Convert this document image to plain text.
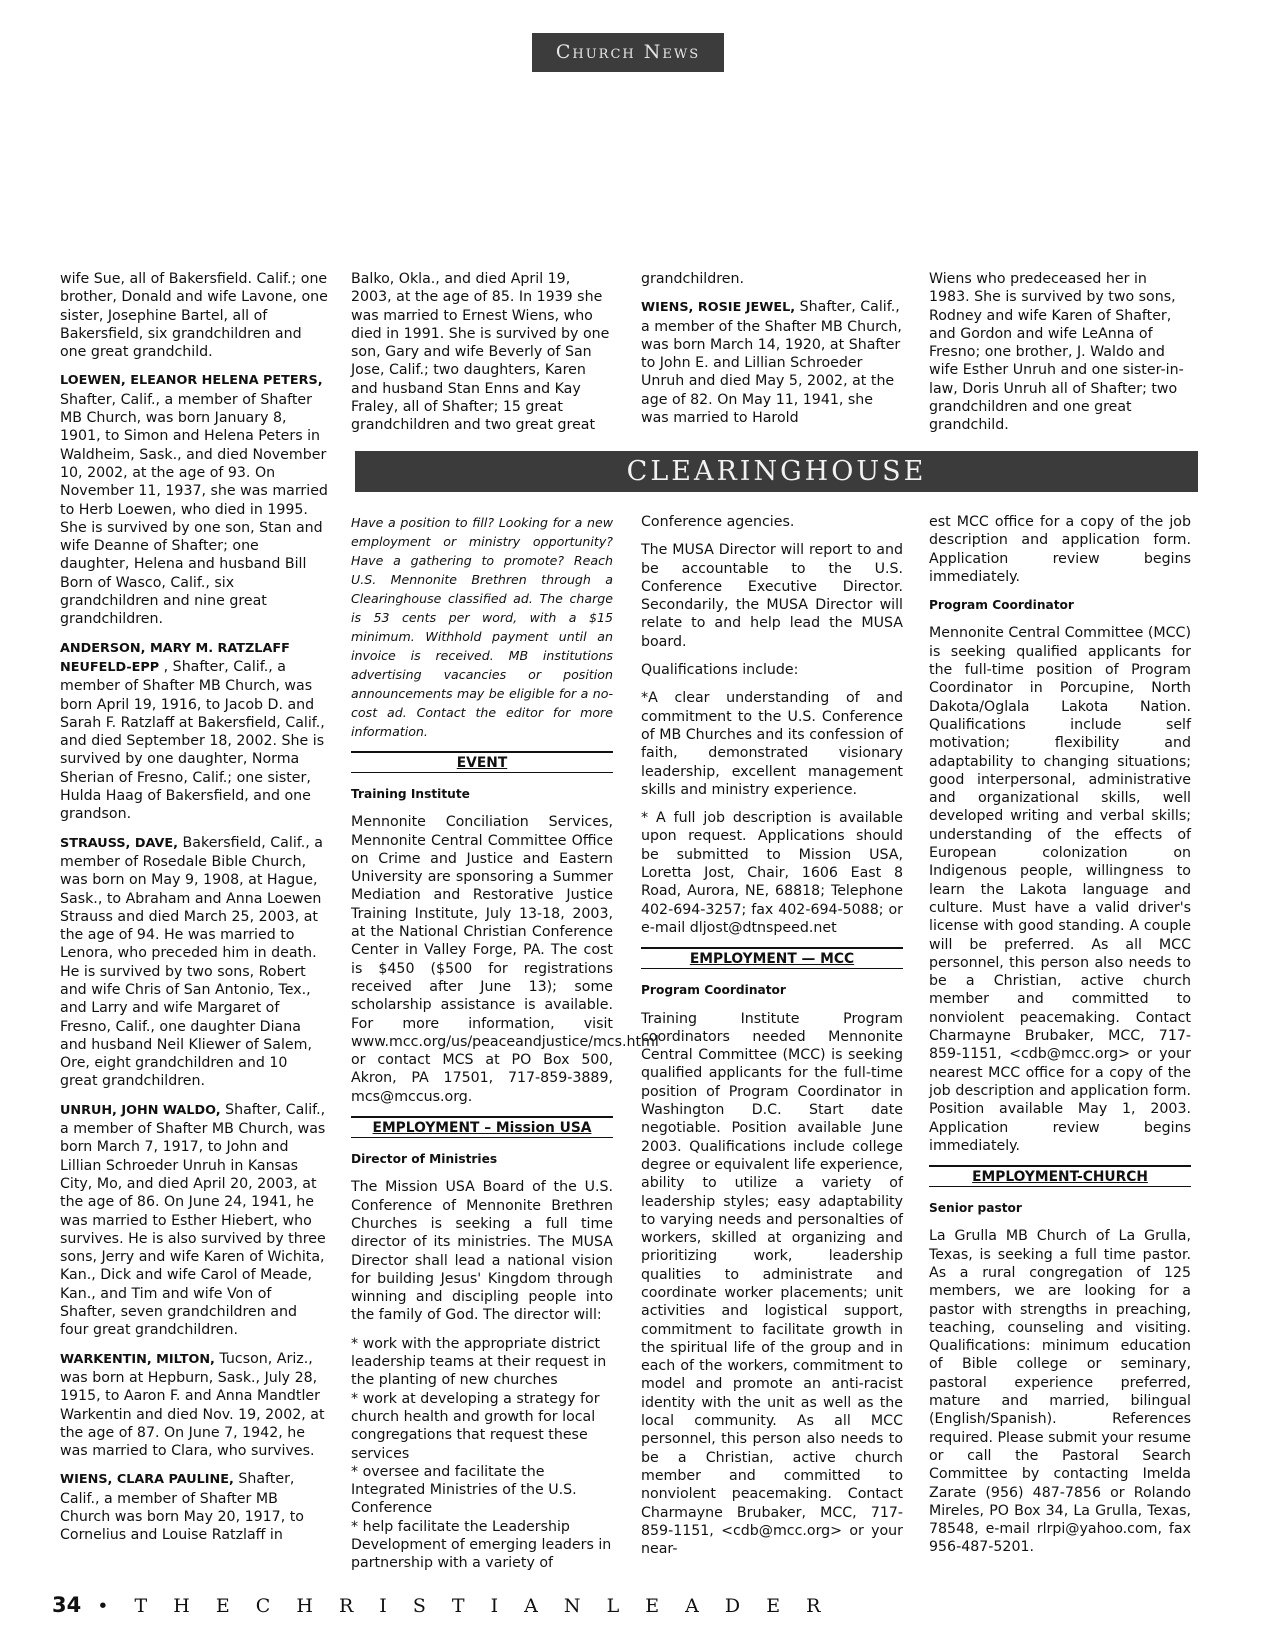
Church News

wife Sue, all of Bakersfield. Calif.; one brother, Donald and wife Lavone, one sister, Josephine Bartel, all of Bakersfield, six grandchildren and one great grandchild.

LOEWEN, ELEANOR HELENA PETERS, Shafter, Calif., a member of Shafter MB Church, was born January 8, 1901, to Simon and Helena Peters in Waldheim, Sask., and died November 10, 2002, at the age of 93. On November 11, 1937, she was married to Herb Loewen, who died in 1995. She is survived by one son, Stan and wife Deanne of Shafter; one daughter, Helena and husband Bill Born of Wasco, Calif., six grandchildren and nine great grandchildren.

ANDERSON, MARY M. RATZLAFF NEUFELD-EPP , Shafter, Calif., a member of Shafter MB Church, was born April 19, 1916, to Jacob D. and Sarah F. Ratzlaff at Bakersfield, Calif., and died September 18, 2002. She is survived by one daughter, Norma Sherian of Fresno, Calif.; one sister, Hulda Haag of Bakersfield, and one grandson.

STRAUSS, DAVE, Bakersfield, Calif., a member of Rosedale Bible Church, was born on May 9, 1908, at Hague, Sask., to Abraham and Anna Loewen Strauss and died March 25, 2003, at the age of 94. He was married to Lenora, who preceded him in death. He is survived by two sons, Robert and wife Chris of San Antonio, Tex., and Larry and wife Margaret of Fresno, Calif., one daughter Diana and husband Neil Kliewer of Salem, Ore, eight grandchildren and 10 great grandchildren.

UNRUH, JOHN WALDO, Shafter, Calif., a member of Shafter MB Church, was born March 7, 1917, to John and Lillian Schroeder Unruh in Kansas City, Mo, and died April 20, 2003, at the age of 86. On June 24, 1941, he was married to Esther Hiebert, who survives. He is also survived by three sons, Jerry and wife Karen of Wichita, Kan., Dick and wife Carol of Meade, Kan., and Tim and wife Von of Shafter, seven grandchildren and four great grandchildren.

WARKENTIN, MILTON, Tucson, Ariz., was born at Hepburn, Sask., July 28, 1915, to Aaron F. and Anna Mandtler Warkentin and died Nov. 19, 2002, at the age of 87. On June 7, 1942, he was married to Clara, who survives.

WIENS, CLARA PAULINE, Shafter, Calif., a member of Shafter MB Church was born May 20, 1917, to Cornelius and Louise Ratzlaff in

Balko, Okla., and died April 19, 2003, at the age of 85. In 1939 she was married to Ernest Wiens, who died in 1991. She is survived by one son, Gary and wife Beverly of San Jose, Calif.; two daughters, Karen and husband Stan Enns and Kay Fraley, all of Shafter; 15 great grandchildren and two great great

grandchildren.

WIENS, ROSIE JEWEL, Shafter, Calif., a member of the Shafter MB Church, was born March 14, 1920, at Shafter to John E. and Lillian Schroeder Unruh and died May 5, 2002, at the age of 82. On May 11, 1941, she was married to Harold

Wiens who predeceased her in 1983. She is survived by two sons, Rodney and wife Karen of Shafter, and Gordon and wife LeAnna of Fresno; one brother, J. Waldo and wife Esther Unruh and one sister-in-law, Doris Unruh all of Shafter; two grandchildren and one great grandchild.

CLEARINGHOUSE

Have a position to fill? Looking for a new employment or ministry opportunity? Have a gathering to promote? Reach U.S. Mennonite Brethren through a Clearinghouse classified ad. The charge is 53 cents per word, with a $15 minimum. Withhold payment until an invoice is received. MB institutions advertising vacancies or position announcements may be eligible for a no-cost ad. Contact the editor for more information.

EVENT
Training Institute

Mennonite Conciliation Services, Mennonite Central Committee Office on Crime and Justice and Eastern University are sponsoring a Summer Mediation and Restorative Justice Training Institute, July 13-18, 2003, at the National Christian Conference Center in Valley Forge, PA. The cost is $450 ($500 for registrations received after June 13); some scholarship assistance is available. For more information, visit www.mcc.org/us/peaceandjustice/mcs.html or contact MCS at PO Box 500, Akron, PA 17501, 717-859-3889, mcs@mccus.org.

EMPLOYMENT – Mission USA
Director of Ministries

The Mission USA Board of the U.S. Conference of Mennonite Brethren Churches is seeking a full time director of its ministries. The MUSA Director shall lead a national vision for building Jesus' Kingdom through winning and discipling people into the family of God. The director will:

* work with the appropriate district leadership teams at their request in the planting of new churches
* work at developing a strategy for church health and growth for local congregations that request these services
* oversee and facilitate the Integrated Ministries of the U.S. Conference
* help facilitate the Leadership Development of emerging leaders in partnership with a variety of

Conference agencies.

The MUSA Director will report to and be accountable to the U.S. Conference Executive Director. Secondarily, the MUSA Director will relate to and help lead the MUSA board.

Qualifications include:

*A clear understanding of and commitment to the U.S. Conference of MB Churches and its confession of faith, demonstrated visionary leadership, excellent management skills and ministry experience.

* A full job description is available upon request. Applications should be submitted to Mission USA, Loretta Jost, Chair, 1606 East 8 Road, Aurora, NE, 68818; Telephone 402-694-3257; fax 402-694-5088; or e-mail dljost@dtnspeed.net

EMPLOYMENT — MCC
Program Coordinator

Training Institute Program coordinators needed Mennonite Central Committee (MCC) is seeking qualified applicants for the full-time position of Program Coordinator in Washington D.C. Start date negotiable. Position available June 2003. Qualifications include college degree or equivalent life experience, ability to utilize a variety of leadership styles; easy adaptability to varying needs and personalties of workers, skilled at organizing and prioritizing work, leadership qualities to administrate and coordinate worker placements; unit activities and logistical support, commitment to facilitate growth in the spiritual life of the group and in each of the workers, commitment to model and promote an anti-racist identity with the unit as well as the local community. As all MCC personnel, this person also needs to be a Christian, active church member and committed to nonviolent peacemaking. Contact Charmayne Brubaker, MCC, 717-859-1151, <cdb@mcc.org> or your near-

est MCC office for a copy of the job description and application form. Application review begins immediately.

Program Coordinator

Mennonite Central Committee (MCC) is seeking qualified applicants for the full-time position of Program Coordinator in Porcupine, North Dakota/Oglala Lakota Nation. Qualifications include self motivation; flexibility and adaptability to changing situations; good interpersonal, administrative and organizational skills, well developed writing and verbal skills; understanding of the effects of European colonization on Indigenous people, willingness to learn the Lakota language and culture. Must have a valid driver's license with good standing. A couple will be preferred. As all MCC personnel, this person also needs to be a Christian, active church member and committed to nonviolent peacemaking. Contact Charmayne Brubaker, MCC, 717-859-1151, <cdb@mcc.org> or your nearest MCC office for a copy of the job description and application form. Position available May 1, 2003. Application review begins immediately.

EMPLOYMENT-CHURCH
Senior pastor

La Grulla MB Church of La Grulla, Texas, is seeking a full time pastor. As a rural congregation of 125 members, we are looking for a pastor with strengths in preaching, teaching, counseling and visiting. Qualifications: minimum education of Bible college or seminary, pastoral experience preferred, mature and married, bilingual (English/Spanish). References required. Please submit your resume or call the Pastoral Search Committee by contacting Imelda Zarate (956) 487-7856 or Rolando Mireles, PO Box 34, La Grulla, Texas, 78548, e-mail rlrpi@yahoo.com, fax 956-487-5201.

34 • T H E C H R I S T I A N L E A D E R
